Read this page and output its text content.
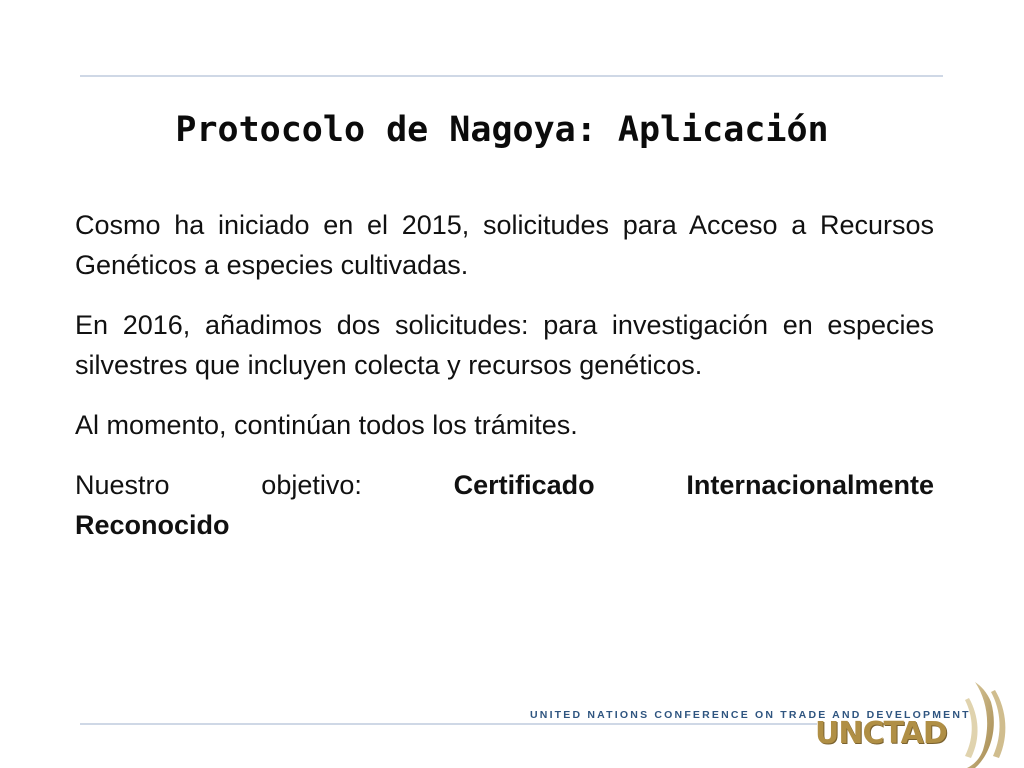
Protocolo de Nagoya: Aplicación

Cosmo ha iniciado en el 2015, solicitudes para Acceso a Recursos Genéticos a especies cultivadas.

En 2016, añadimos dos solicitudes: para investigación en especies silvestres que incluyen colecta y recursos genéticos.

Al momento, continúan todos los trámites.

Nuestro objetivo: Certificado Internacionalmente

Reconocido

UNITED NATIONS CONFERENCE ON TRADE AND DEVELOPMENT
UNCTAD
